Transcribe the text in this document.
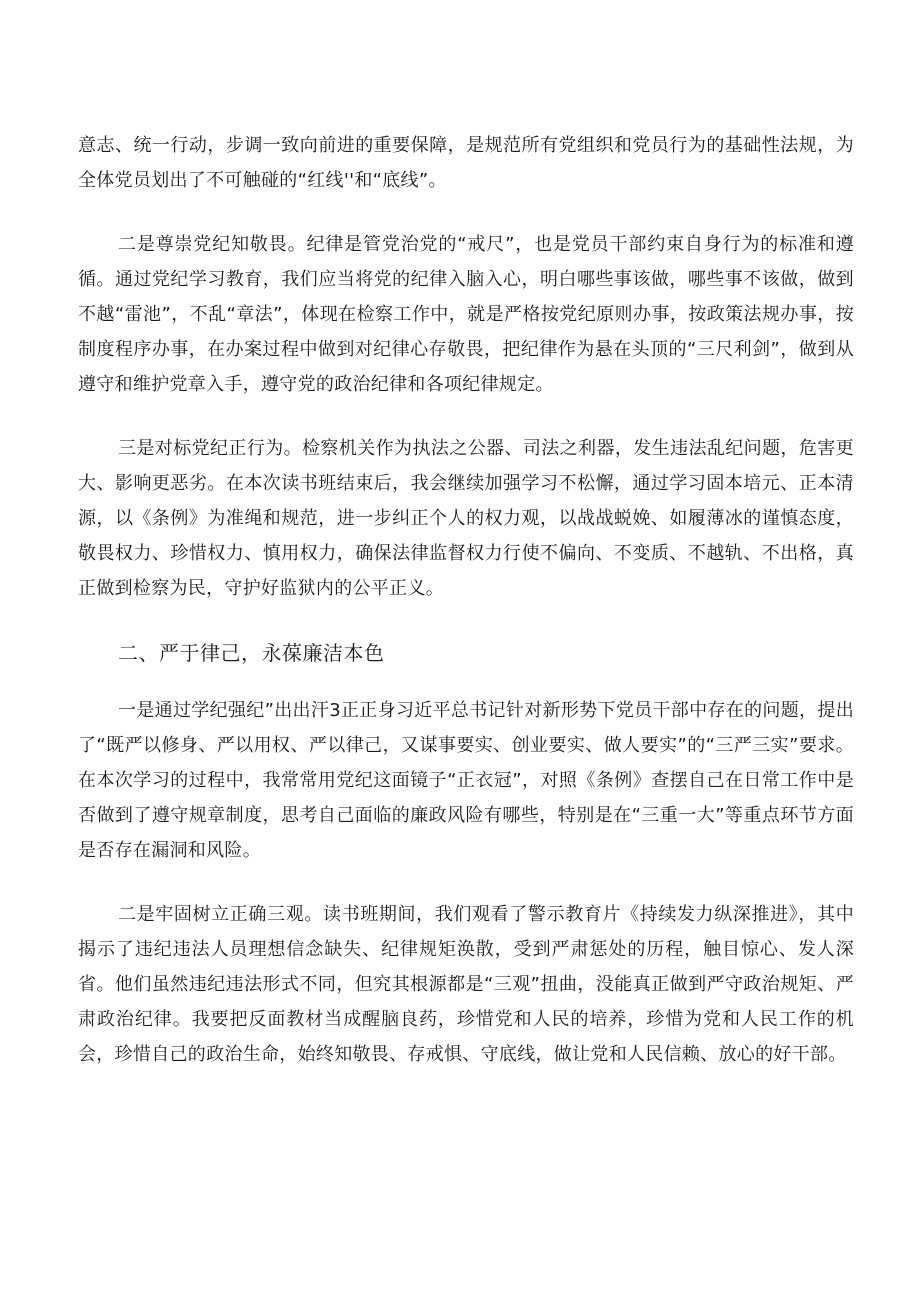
意志、统一行动，步调一致向前进的重要保障，是规范所有党组织和党员行为的基础性法规，为全体党员划出了不可触碰的“红线''和“底线”。

二是尊崇党纪知敬畏。纪律是管党治党的“戒尺”，也是党员干部约束自身行为的标准和遵循。通过党纪学习教育，我们应当将党的纪律入脑入心，明白哪些事该做，哪些事不该做，做到不越“雷池”，不乱“章法”，体现在检察工作中，就是严格按党纪原则办事，按政策法规办事，按制度程序办事，在办案过程中做到对纪律心存敬畏，把纪律作为悬在头顶的“三尺利剑”，做到从遵守和维护党章入手，遵守党的政治纪律和各项纪律规定。

三是对标党纪正行为。检察机关作为执法之公器、司法之利器，发生违法乱纪问题，危害更大、影响更恶劣。在本次读书班结束后，我会继续加强学习不松懈，通过学习固本培元、正本清源，以《条例》为准绳和规范，进一步纠正个人的权力观，以战战蜕娩、如履薄冰的谨慎态度，敬畏权力、珍惜权力、慎用权力，确保法律监督权力行使不偏向、不变质、不越轨、不出格，真正做到检察为民，守护好监狱内的公平正义。

二、严于律己，永葆廉洁本色

一是通过学纪强纪”出出汗3正正身习近平总书记针对新形势下党员干部中存在的问题，提出了“既严以修身、严以用权、严以律己，又谋事要实、创业要实、做人要实”的“三严三实”要求。在本次学习的过程中，我常常用党纪这面镜子“正衣冠”，对照《条例》查摆自己在日常工作中是否做到了遵守规章制度，思考自己面临的廉政风险有哪些，特别是在“三重一大”等重点环节方面是否存在漏洞和风险。

二是牢固树立正确三观。读书班期间，我们观看了警示教育片《持续发力纵深推进》，其中揭示了违纪违法人员理想信念缺失、纪律规矩涣散，受到严肃惩处的历程，触目惊心、发人深省。他们虽然违纪违法形式不同，但究其根源都是“三观”扭曲，没能真正做到严守政治规矩、严肃政治纪律。我要把反面教材当成醒脑良药，珍惜党和人民的培养，珍惜为党和人民工作的机会，珍惜自己的政治生命，始终知敬畏、存戒惧、守底线，做让党和人民信赖、放心的好干部。
